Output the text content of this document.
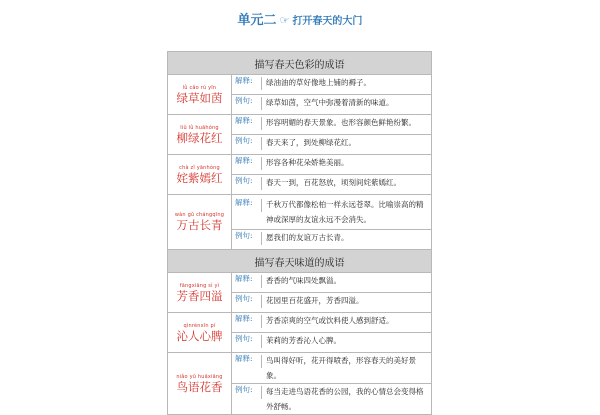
单元二 ☞ 打开春天的大门
描写春天色彩的成语	

lǜ cǎo rú yīn
绿草如茵	解释: 绿油油的草好像地上铺的褥子。
	例句: 绿草如茵，空气中弥漫着清新的味道。

liǔ lǜ huāhóng
柳绿花红	解释: 形容明媚的春天景象。也形容颜色鲜艳纷繁。
	例句: 春天来了，到处柳绿花红。

chà zǐ yānhóng
姹紫嫣红	解释: 形容各种花朵娇艳美丽。
	例句: 春天一到，百花怒放，顷刻间姹紫嫣红。

wàn gǔ chángqīng
万古长青	解释: 千秋万代都像松柏一样永远苍翠。比喻崇高的精神或深厚的友谊永远不会消失。
	例句: 愿我们的友谊万古长青。
描写春天味道的成语	

fāngxiāng sì yì
芳香四溢	解释: 香香的气味四处飘溢。
	例句: 花园里百花盛开，芳香四溢。

qìnrénxīn pí
沁人心脾	解释: 芳香凉爽的空气或饮料使人感到舒适。
	例句: 茉莉的芳香沁人心脾。

niǎo yǔ huāxiāng
鸟语花香	解释: 鸟叫得好听，花开得喷香，形容春天的美好景象。
	例句: 每当走进鸟语花香的公园，我的心情总会变得格外舒畅。
